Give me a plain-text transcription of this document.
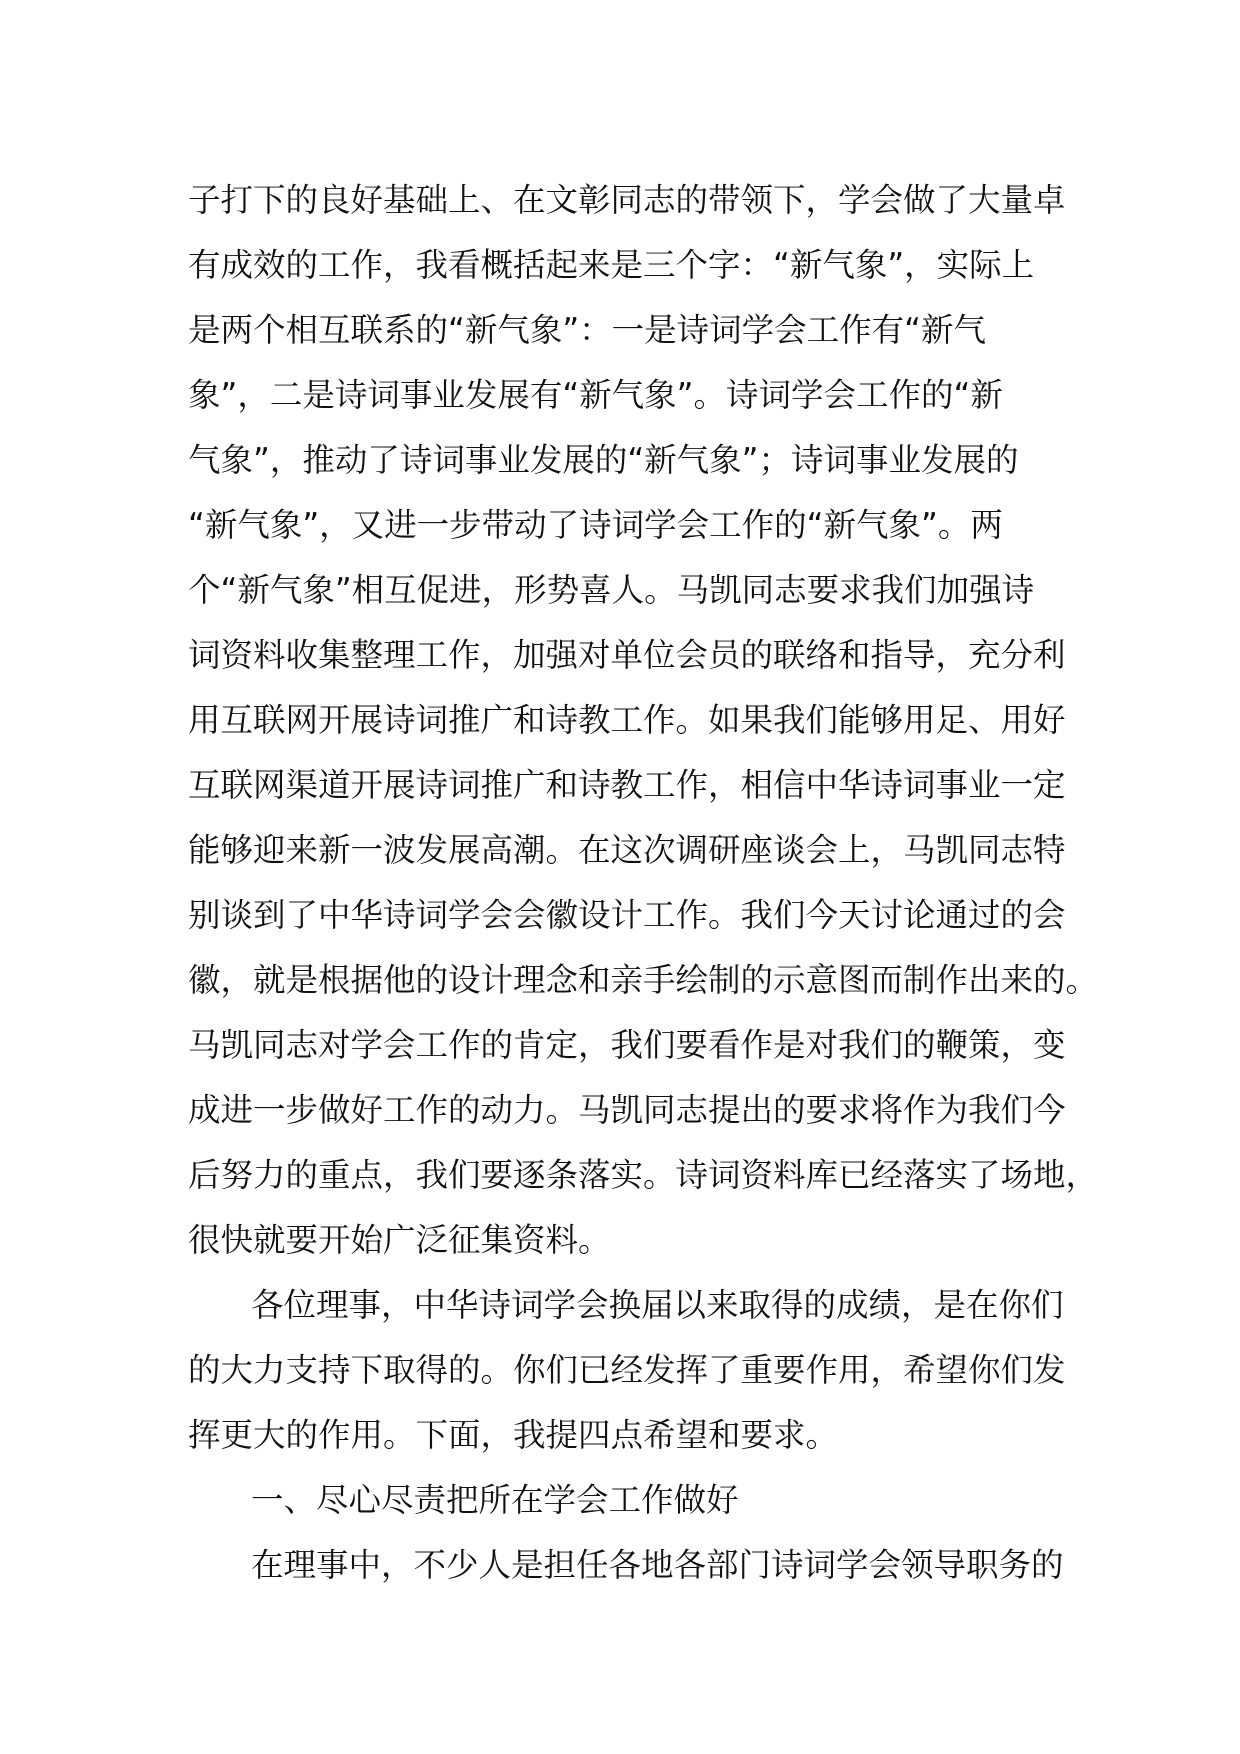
子打下的良好基础上、在文彰同志的带领下，学会做了大量卓
有成效的工作，我看概括起来是三个字：“新气象”，实际上
是两个相互联系的“新气象”：一是诗词学会工作有“新气
象”，二是诗词事业发展有“新气象”。诗词学会工作的“新
气象”，推动了诗词事业发展的“新气象”；诗词事业发展的
“新气象”，又进一步带动了诗词学会工作的“新气象”。两
个“新气象”相互促进，形势喜人。马凯同志要求我们加强诗
词资料收集整理工作，加强对单位会员的联络和指导，充分利
用互联网开展诗词推广和诗教工作。如果我们能够用足、用好
互联网渠道开展诗词推广和诗教工作，相信中华诗词事业一定
能够迎来新一波发展高潮。在这次调研座谈会上，马凯同志特
别谈到了中华诗词学会会徽设计工作。我们今天讨论通过的会
徽，就是根据他的设计理念和亲手绘制的示意图而制作出来的。
马凯同志对学会工作的肯定，我们要看作是对我们的鞭策，变
成进一步做好工作的动力。马凯同志提出的要求将作为我们今
后努力的重点，我们要逐条落实。诗词资料库已经落实了场地，
很快就要开始广泛征集资料。
各位理事，中华诗词学会换届以来取得的成绩，是在你们
的大力支持下取得的。你们已经发挥了重要作用，希望你们发
挥更大的作用。下面，我提四点希望和要求。
一、尽心尽责把所在学会工作做好
在理事中，不少人是担任各地各部门诗词学会领导职务的
